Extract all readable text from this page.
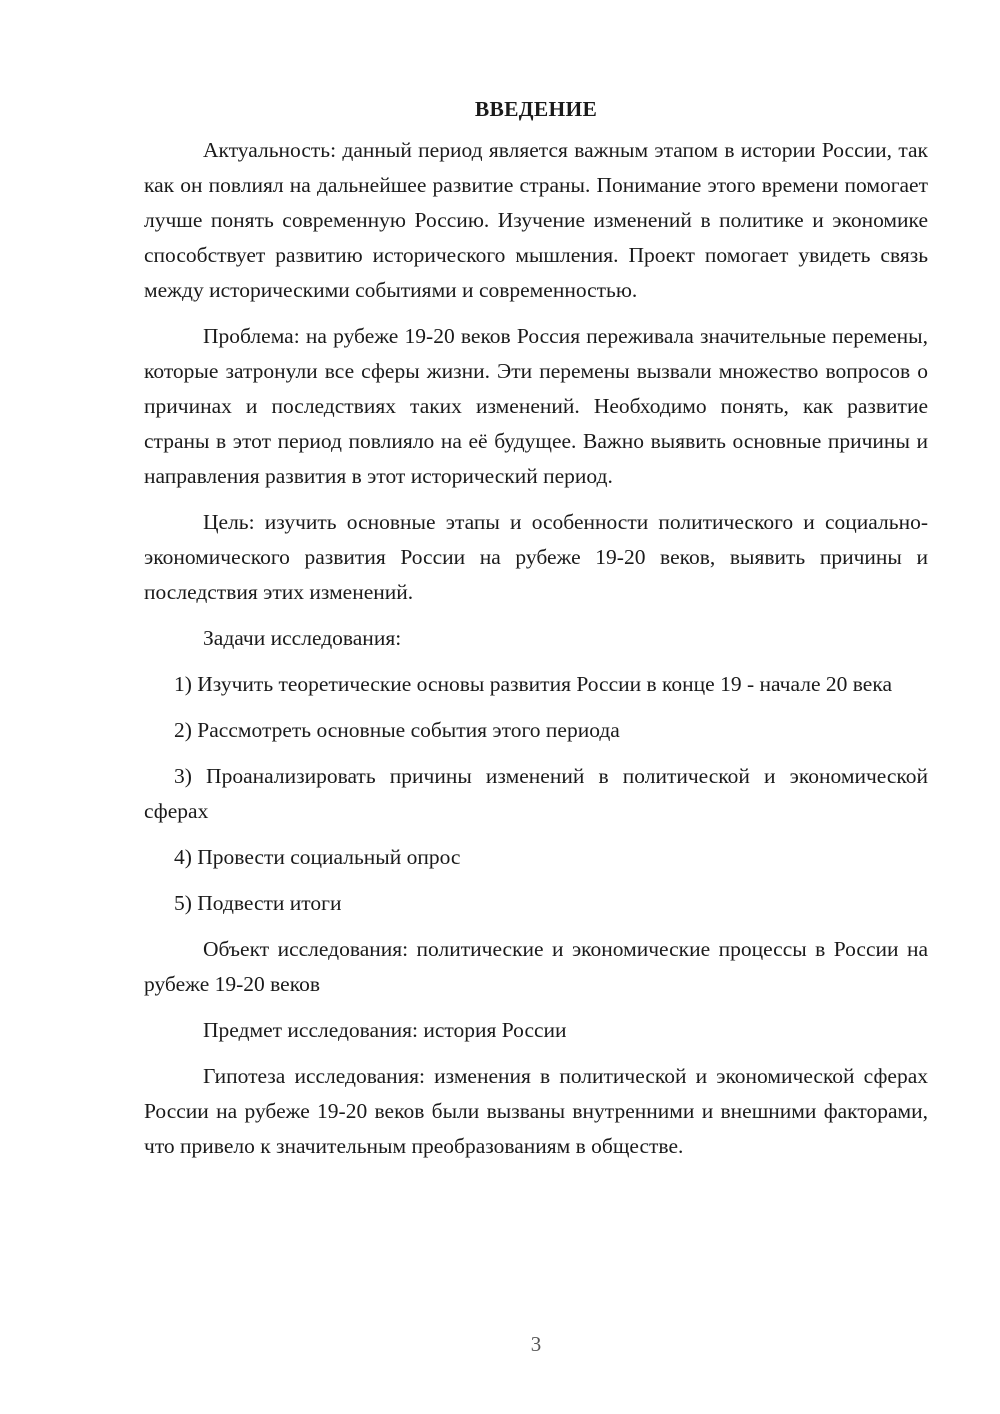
ВВЕДЕНИЕ

Актуальность: данный период является важным этапом в истории России, так как он повлиял на дальнейшее развитие страны. Понимание этого времени помогает лучше понять современную Россию. Изучение изменений в политике и экономике способствует развитию исторического мышления. Проект помогает увидеть связь между историческими событиями и современностью.

Проблема: на рубеже 19-20 веков Россия переживала значительные перемены, которые затронули все сферы жизни. Эти перемены вызвали множество вопросов о причинах и последствиях таких изменений. Необходимо понять, как развитие страны в этот период повлияло на её будущее. Важно выявить основные причины и направления развития в этот исторический период.

Цель: изучить основные этапы и особенности политического и социально-экономического развития России на рубеже 19-20 веков, выявить причины и последствия этих изменений.

Задачи исследования:

1) Изучить теоретические основы развития России в конце 19 - начале 20 века

2) Рассмотреть основные события этого периода

3) Проанализировать причины изменений в политической и экономической сферах

4) Провести социальный опрос

5) Подвести итоги

Объект исследования: политические и экономические процессы в России на рубеже 19-20 веков

Предмет исследования: история России

Гипотеза исследования: изменения в политической и экономической сферах России на рубеже 19-20 веков были вызваны внутренними и внешними факторами, что привело к значительным преобразованиям в обществе.

3
